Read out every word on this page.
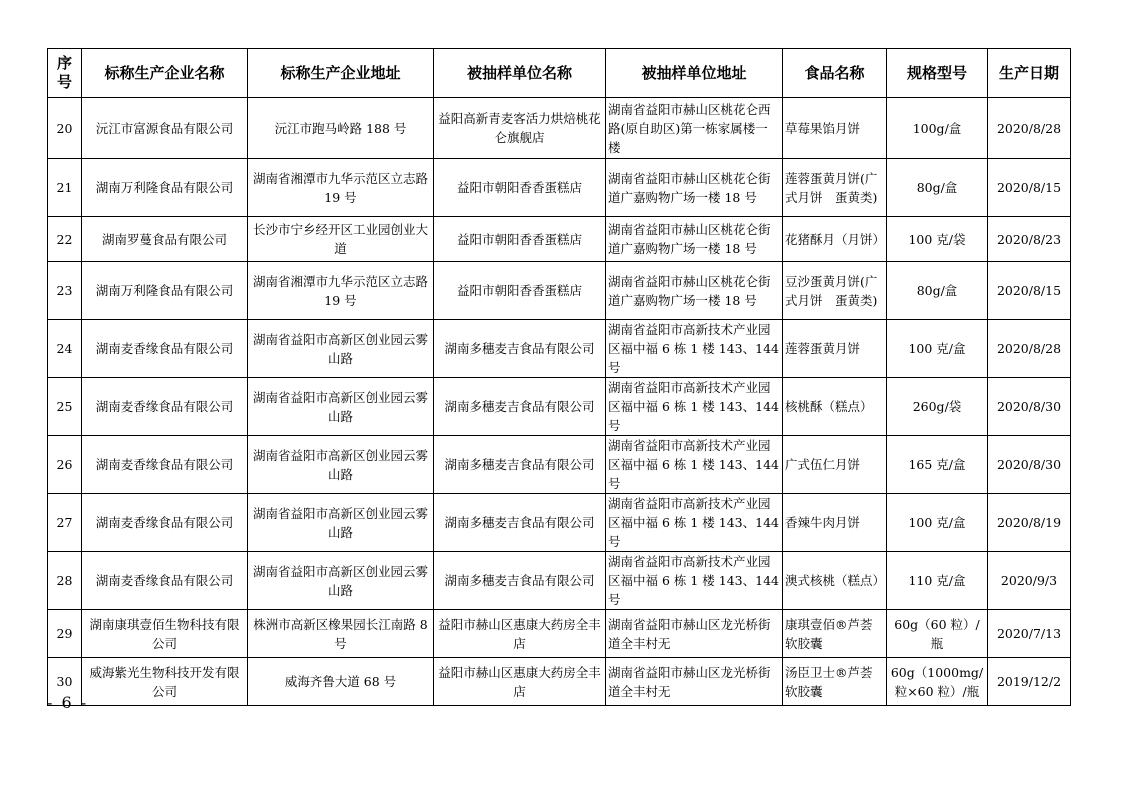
序号	标称生产企业名称	标称生产企业地址	被抽样单位名称	被抽样单位地址	食品名称	规格型号	生产日期
20	沅江市富源食品有限公司	沅江市跑马岭路 188 号	益阳高新青麦客活力烘焙桃花仑旗舰店	湖南省益阳市赫山区桃花仑西路(原自助区)第一栋家属楼一楼	草莓果馅月饼	100g/盒	2020/8/28
21	湖南万利隆食品有限公司	湖南省湘潭市九华示范区立志路 19 号	益阳市朝阳香香蛋糕店	湖南省益阳市赫山区桃花仑街道广嘉购物广场一楼 18 号	莲蓉蛋黄月饼(广式月饼　蛋黄类)	80g/盒	2020/8/15
22	湖南罗蔓食品有限公司	长沙市宁乡经开区工业园创业大道	益阳市朝阳香香蛋糕店	湖南省益阳市赫山区桃花仑街道广嘉购物广场一楼 18 号	花猪酥月（月饼）	100 克/袋	2020/8/23
23	湖南万利隆食品有限公司	湖南省湘潭市九华示范区立志路 19 号	益阳市朝阳香香蛋糕店	湖南省益阳市赫山区桃花仑街道广嘉购物广场一楼 18 号	豆沙蛋黄月饼(广式月饼　蛋黄类)	80g/盒	2020/8/15
24	湖南麦香缘食品有限公司	湖南省益阳市高新区创业园云雾山路	湖南多穗麦吉食品有限公司	湖南省益阳市高新技术产业园区福中福 6 栋 1 楼 143、144 号	莲蓉蛋黄月饼	100 克/盒	2020/8/28
25	湖南麦香缘食品有限公司	湖南省益阳市高新区创业园云雾山路	湖南多穗麦吉食品有限公司	湖南省益阳市高新技术产业园区福中福 6 栋 1 楼 143、144 号	核桃酥（糕点）	260g/袋	2020/8/30
26	湖南麦香缘食品有限公司	湖南省益阳市高新区创业园云雾山路	湖南多穗麦吉食品有限公司	湖南省益阳市高新技术产业园区福中福 6 栋 1 楼 143、144 号	广式伍仁月饼	165 克/盒	2020/8/30
27	湖南麦香缘食品有限公司	湖南省益阳市高新区创业园云雾山路	湖南多穗麦吉食品有限公司	湖南省益阳市高新技术产业园区福中福 6 栋 1 楼 143、144 号	香辣牛肉月饼	100 克/盒	2020/8/19
28	湖南麦香缘食品有限公司	湖南省益阳市高新区创业园云雾山路	湖南多穗麦吉食品有限公司	湖南省益阳市高新技术产业园区福中福 6 栋 1 楼 143、144 号	澳式核桃（糕点）	110 克/盒	2020/9/3
29	湖南康琪壹佰生物科技有限公司	株洲市高新区橡果园长江南路 8 号	益阳市赫山区惠康大药房全丰店	湖南省益阳市赫山区龙光桥街道全丰村无	康琪壹佰®芦荟软胶囊	60g（60 粒）/瓶	2020/7/13
30	威海紫光生物科技开发有限公司	威海齐鲁大道 68 号	益阳市赫山区惠康大药房全丰店	湖南省益阳市赫山区龙光桥街道全丰村无	汤臣卫士®芦荟软胶囊	60g（1000mg/粒×60 粒）/瓶	2019/12/2
- 6 -
